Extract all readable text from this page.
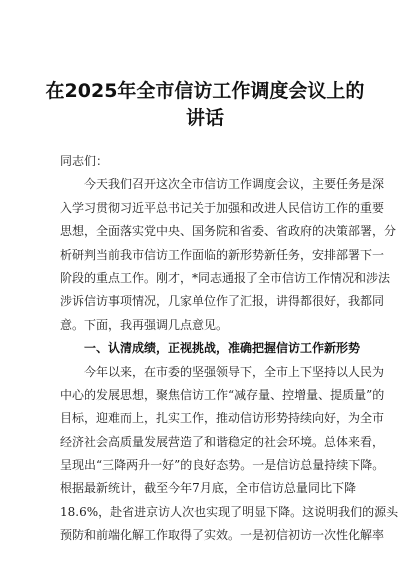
在2025年全市信访工作调度会议上的
讲话
同志们：
今天我们召开这次全市信访工作调度会议，主要任务是深
入学习贯彻习近平总书记关于加强和改进人民信访工作的重要
思想，全面落实党中央、国务院和省委、省政府的决策部署，分
析研判当前我市信访工作面临的新形势新任务，安排部署下一
阶段的重点工作。刚才，*同志通报了全市信访工作情况和涉法
涉诉信访事项情况，几家单位作了汇报，讲得都很好，我都同
意。下面，我再强调几点意见。
一、认清成绩，正视挑战，准确把握信访工作新形势
今年以来，在市委的坚强领导下，全市上下坚持以人民为
中心的发展思想，聚焦信访工作“减存量、控增量、提质量”的
目标，迎难而上，扎实工作，推动信访形势持续向好，为全市
经济社会高质量发展营造了和谐稳定的社会环境。总体来看，
呈现出“三降两升一好”的良好态势。一是信访总量持续下降。
根据最新统计，截至今年7月底，全市信访总量同比下降
18.6%，赴省进京访人次也实现了明显下降。这说明我们的源头
预防和前端化解工作取得了实效。一是初信初访一次性化解率
